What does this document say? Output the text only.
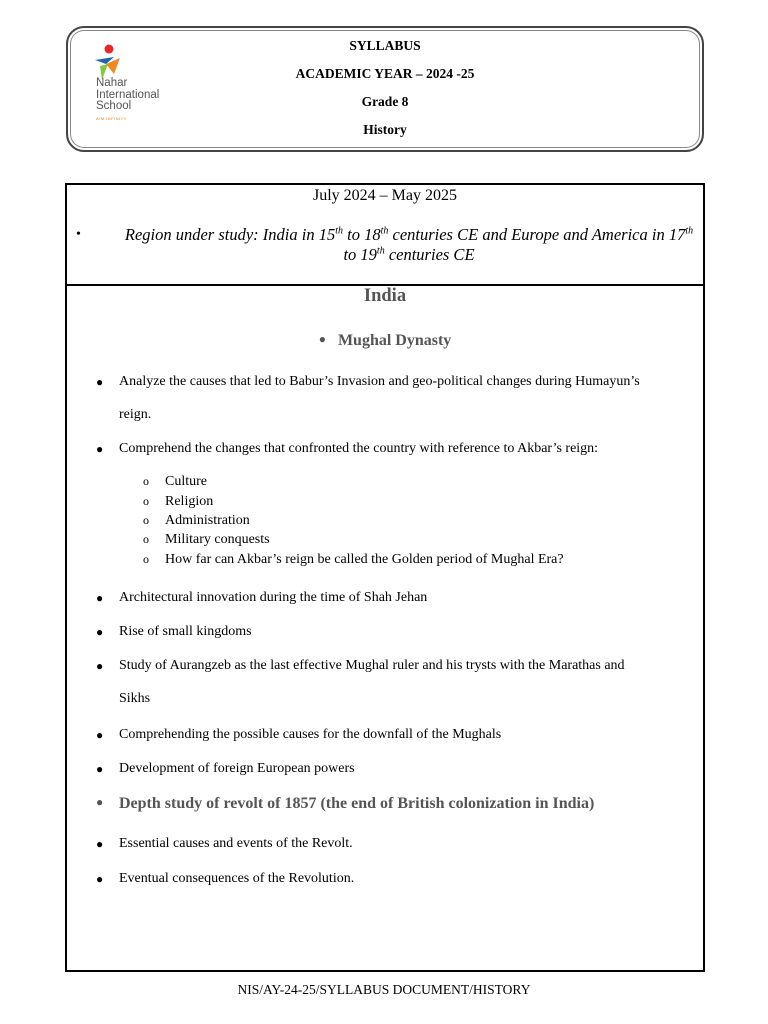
Nahar
International
School
AIM INFINITY
SYLLABUS
ACADEMIC YEAR – 2024 -25
Grade 8
History
July 2024 – May 2025
•	Region under study: India in 15th to 18th centuries CE and Europe and America in 17th to 19th centuries CE
India
● Mughal Dynasty
● Analyze the causes that led to Babur’s Invasion and geo-political changes during Humayun’s
reign.
● Comprehend the changes that confronted the country with reference to Akbar’s reign:
o Culture
o Religion
o Administration
o Military conquests
o How far can Akbar’s reign be called the Golden period of Mughal Era?
● Architectural innovation during the time of Shah Jehan
● Rise of small kingdoms
● Study of Aurangzeb as the last effective Mughal ruler and his trysts with the Marathas and
Sikhs
● Comprehending the possible causes for the downfall of the Mughals
● Development of foreign European powers
● Depth study of revolt of 1857 (the end of British colonization in India)
● Essential causes and events of the Revolt.
● Eventual consequences of the Revolution.
NIS/AY-24-25/SYLLABUS DOCUMENT/HISTORY
